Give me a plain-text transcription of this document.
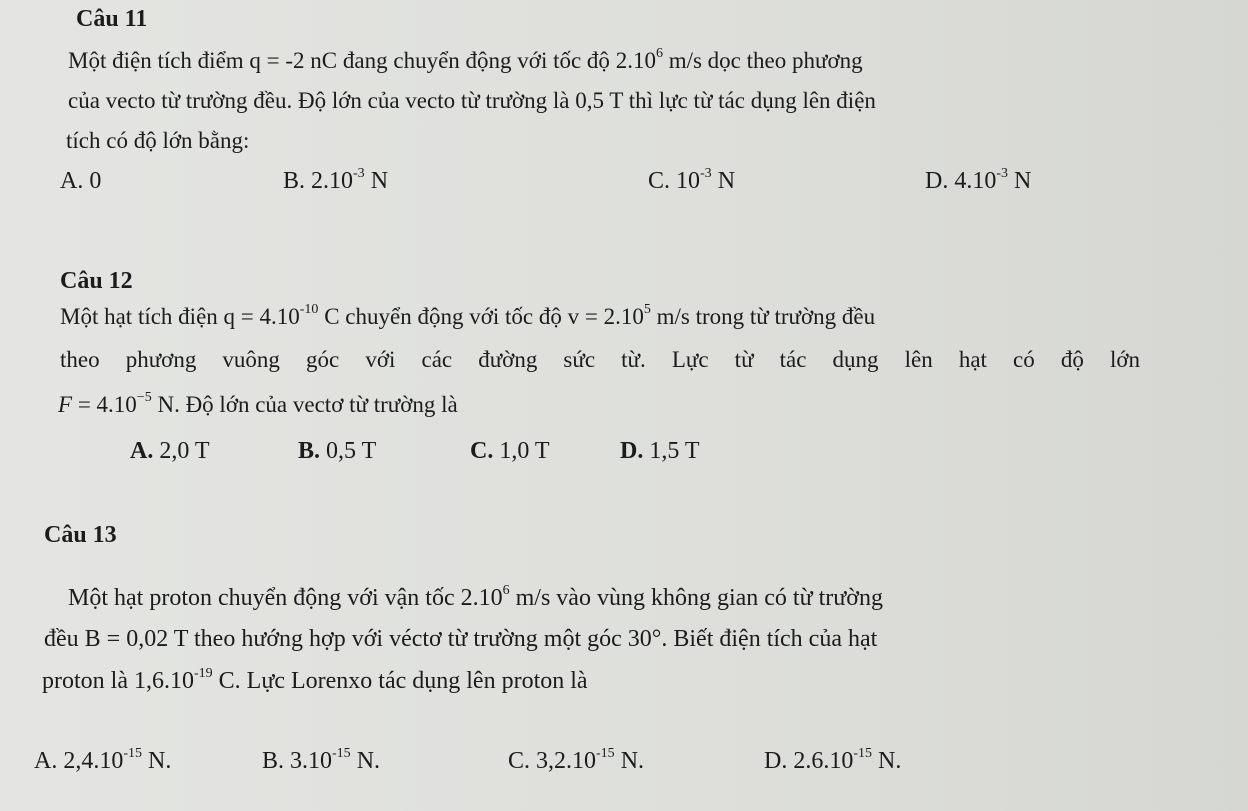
Câu 11
Một điện tích điểm q = -2 nC đang chuyển động với tốc độ 2.10$^6$ m/s dọc theo phương
của vecto từ trường đều. Độ lớn của vecto từ trường là 0,5 T thì lực từ tác dụng lên điện
tích có độ lớn bằng:
A. 0	B. $2.10^{-3}$ N	C. $10^{-3}$ N	D. $4.10^{-3}$ N
Câu 12
Một hạt tích điện $q = 4.10^{-10}$ C chuyển động với tốc độ $v = 2.10^5$ m/s trong từ trường đều
theo phương vuông góc với các đường sức từ. Lực từ tác dụng lên hạt có độ lớn
$F = 4.10^{-5}$ N. Độ lớn của vectơ từ trường là
A. 2,0 T	B. 0,5 T	C. 1,0 T	D. 1,5 T
Câu 13
Một hạt proton chuyển động với vận tốc 2.10$^6$ m/s vào vùng không gian có từ trường
đều B = 0,02 T theo hướng hợp với véctơ từ trường một góc 30°. Biết điện tích của hạt
proton là $1,6.10^{-19}$ C. Lực Lorenxo tác dụng lên proton là
A. $2,4.10^{-15}$ N.	B. $3.10^{-15}$ N.	C. $3,2.10^{-15}$ N.	D. $2.6.10^{-15}$ N.
